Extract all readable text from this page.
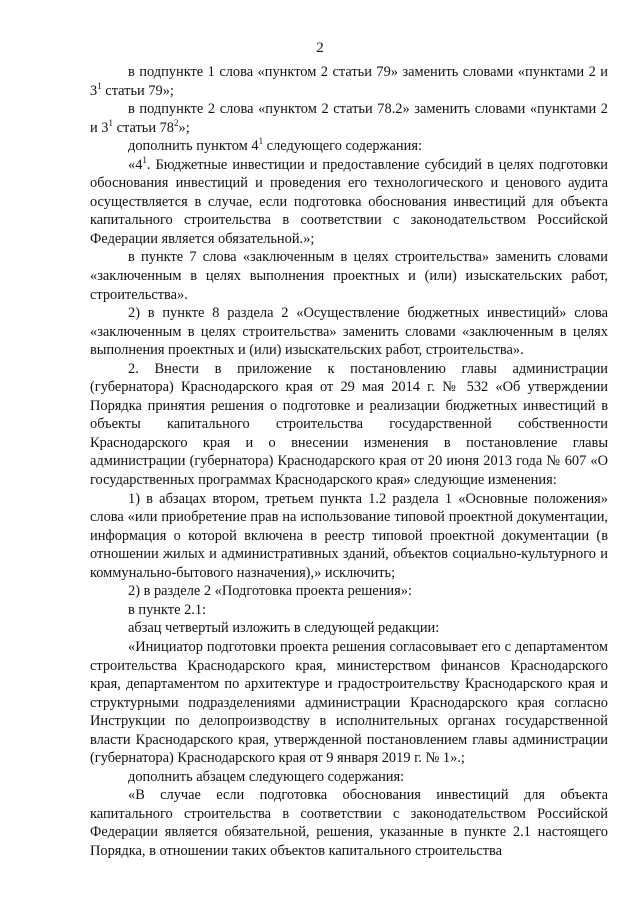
2

в подпункте 1 слова «пунктом 2 статьи 79» заменить словами «пунктами 2 и $3^1$ статьи 79»;

в подпункте 2 слова «пунктом 2 статьи 78.2» заменить словами «пунктами 2 и $3^1$ статьи $78^2$»;

дополнить пунктом $4^1$ следующего содержания:

«$4^1$. Бюджетные инвестиции и предоставление субсидий в целях подготовки обоснования инвестиций и проведения его технологического и ценового аудита осуществляется в случае, если подготовка обоснования инвестиций для объекта капитального строительства в соответствии с законодательством Российской Федерации является обязательной.»;

в пункте 7 слова «заключенным в целях строительства» заменить словами «заключенным в целях выполнения проектных и (или) изыскательских работ, строительства».

2) в пункте 8 раздела 2 «Осуществление бюджетных инвестиций» слова «заключенным в целях строительства» заменить словами «заключенным в целях выполнения проектных и (или) изыскательских работ, строительства».

2. Внести в приложение к постановлению главы администрации (губернатора) Краснодарского края от 29 мая 2014 г. № 532 «Об утверждении Порядка принятия решения о подготовке и реализации бюджетных инвестиций в объекты капитального строительства государственной собственности Краснодарского края и о внесении изменения в постановление главы администрации (губернатора) Краснодарского края от 20 июня 2013 года № 607 «О государственных программах Краснодарского края» следующие изменения:

1) в абзацах втором, третьем пункта 1.2 раздела 1 «Основные положения» слова «или приобретение прав на использование типовой проектной документации, информация о которой включена в реестр типовой проектной документации (в отношении жилых и административных зданий, объектов социально-культурного и коммунально-бытового назначения),» исключить;

2) в разделе 2 «Подготовка проекта решения»:

в пункте 2.1:

абзац четвертый изложить в следующей редакции:

«Инициатор подготовки проекта решения согласовывает его с департаментом строительства Краснодарского края, министерством финансов Краснодарского края, департаментом по архитектуре и градостроительству Краснодарского края и структурными подразделениями администрации Краснодарского края согласно Инструкции по делопроизводству в исполнительных органах государственной власти Краснодарского края, утвержденной постановлением главы администрации (губернатора) Краснодарского края от 9 января 2019 г. № 1».;

дополнить абзацем следующего содержания:

«В случае если подготовка обоснования инвестиций для объекта капитального строительства в соответствии с законодательством Российской Федерации является обязательной, решения, указанные в пункте 2.1 настоящего Порядка, в отношении таких объектов капитального строительства
